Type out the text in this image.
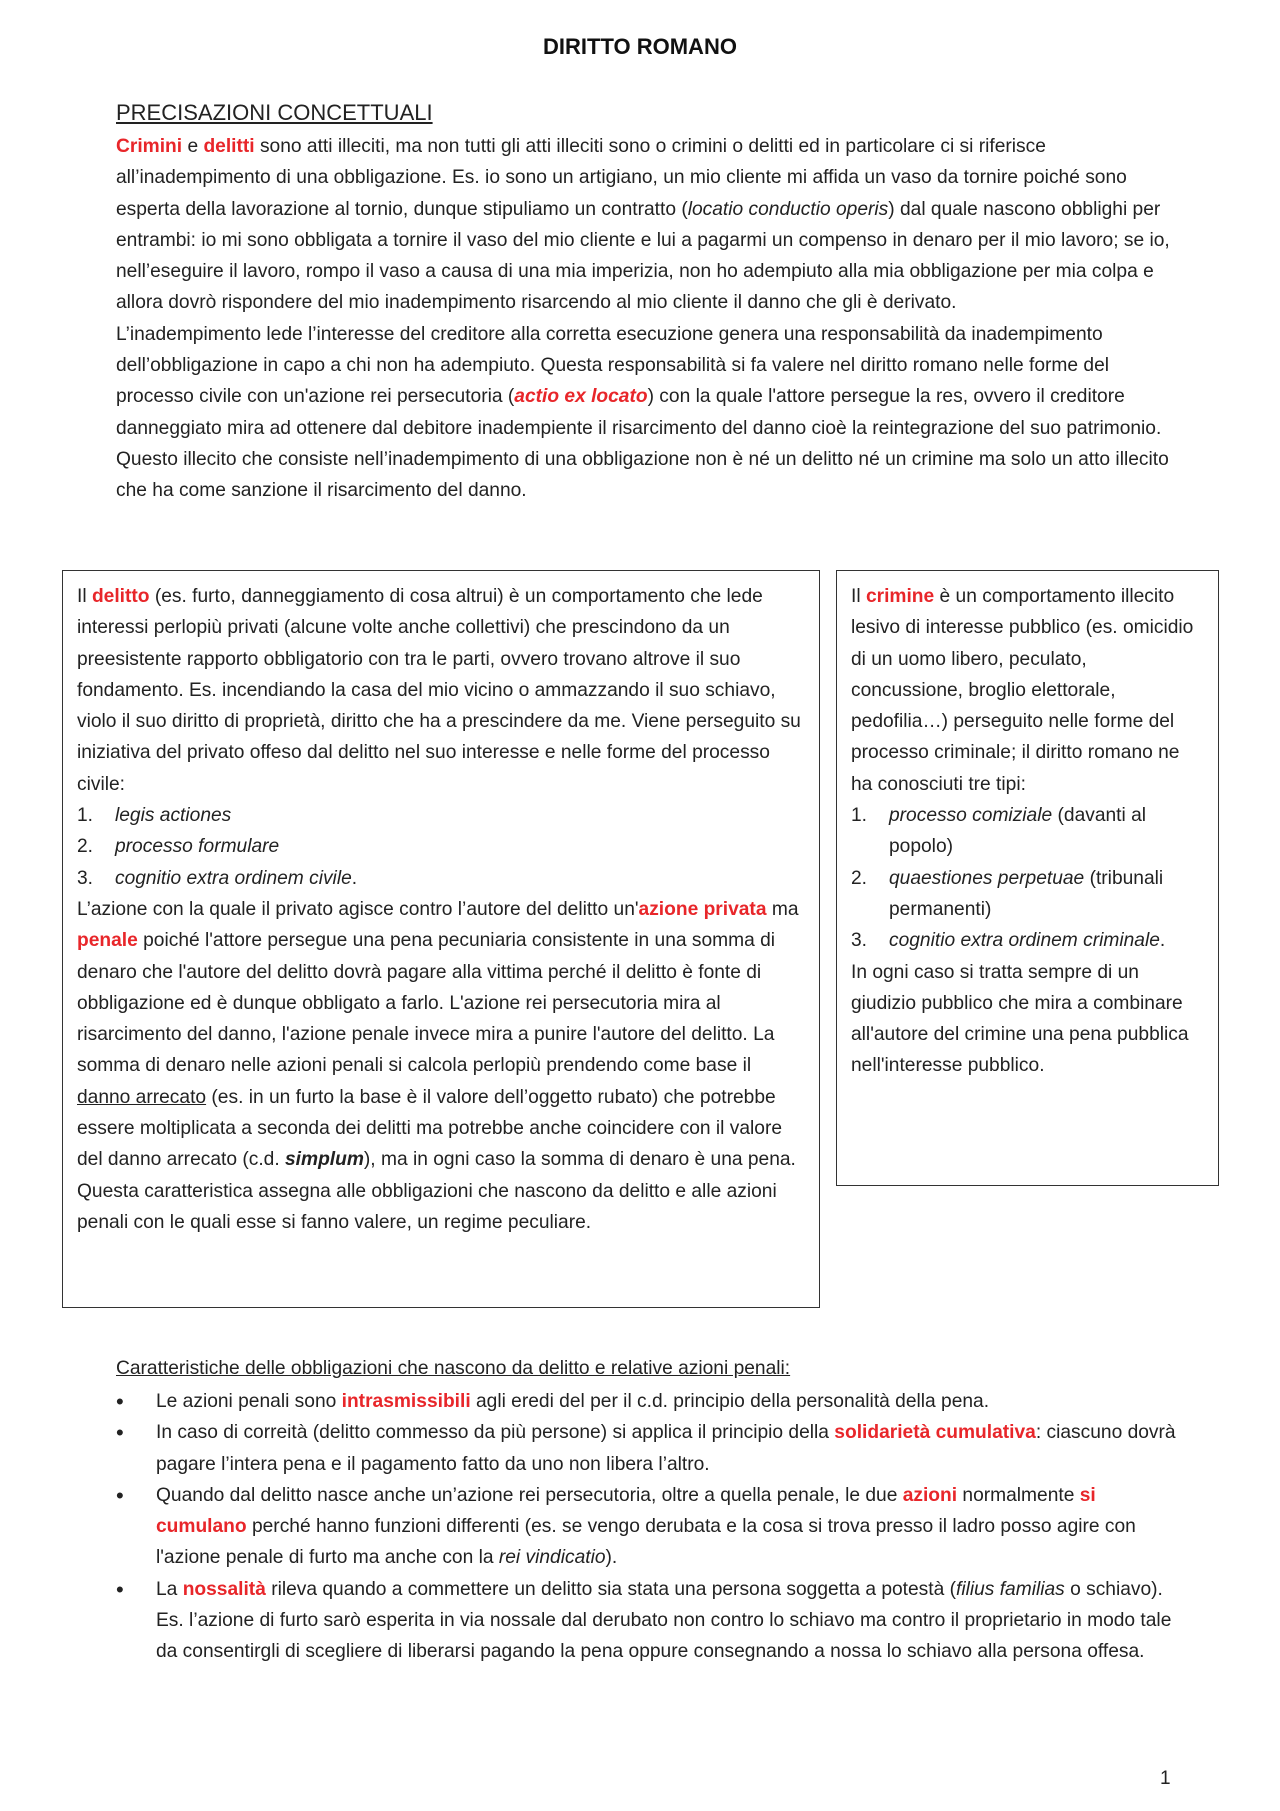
DIRITTO ROMANO
PRECISAZIONI CONCETTUALI

Crimini e delitti sono atti illeciti, ma non tutti gli atti illeciti sono o crimini o delitti ed in particolare ci si riferisce all’inadempimento di una obbligazione. Es. io sono un artigiano, un mio cliente mi affida un vaso da tornire poiché sono esperta della lavorazione al tornio, dunque stipuliamo un contratto (locatio conductio operis) dal quale nascono obblighi per entrambi: io mi sono obbligata a tornire il vaso del mio cliente e lui a pagarmi un compenso in denaro per il mio lavoro; se io, nell’eseguire il lavoro, rompo il vaso a causa di una mia imperizia, non ho adempiuto alla mia obbligazione per mia colpa e allora dovrò rispondere del mio inadempimento risarcendo al mio cliente il danno che gli è derivato.

L’inadempimento lede l’interesse del creditore alla corretta esecuzione genera una responsabilità da inadempimento dell’obbligazione in capo a chi non ha adempiuto. Questa responsabilità si fa valere nel diritto romano nelle forme del processo civile con un'azione rei persecutoria (actio ex locato) con la quale l'attore persegue la res, ovvero il creditore danneggiato mira ad ottenere dal debitore inadempiente il risarcimento del danno cioè la reintegrazione del suo patrimonio.

Questo illecito che consiste nell’inadempimento di una obbligazione non è né un delitto né un crimine ma solo un atto illecito che ha come sanzione il risarcimento del danno.

Il delitto (es. furto, danneggiamento di cosa altrui) è un comportamento che lede interessi perlopiù privati (alcune volte anche collettivi) che prescindono da un preesistente rapporto obbligatorio con tra le parti, ovvero trovano altrove il suo fondamento. Es. incendiando la casa del mio vicino o ammazzando il suo schiavo, violo il suo diritto di proprietà, diritto che ha a prescindere da me. Viene perseguito su iniziativa del privato offeso dal delitto nel suo interesse e nelle forme del processo civile:

1.	legis actiones
2.	processo formulare
3.	cognitio extra ordinem civile.

L’azione con la quale il privato agisce contro l’autore del delitto un'azione privata ma penale poiché l'attore persegue una pena pecuniaria consistente in una somma di denaro che l'autore del delitto dovrà pagare alla vittima perché il delitto è fonte di obbligazione ed è dunque obbligato a farlo. L'azione rei persecutoria mira al risarcimento del danno, l'azione penale invece mira a punire l'autore del delitto. La somma di denaro nelle azioni penali si calcola perlopiù prendendo come base il danno arrecato (es. in un furto la base è il valore dell’oggetto rubato) che potrebbe essere moltiplicata a seconda dei delitti ma potrebbe anche coincidere con il valore del danno arrecato (c.d. simplum), ma in ogni caso la somma di denaro è una pena. Questa caratteristica assegna alle obbligazioni che nascono da delitto e alle azioni penali con le quali esse si fanno valere, un regime peculiare.

Il crimine è un comportamento illecito lesivo di interesse pubblico (es. omicidio di un uomo libero, peculato, concussione, broglio elettorale, pedofilia…) perseguito nelle forme del processo criminale; il diritto romano ne ha conosciuti tre tipi:

1.	processo comiziale (davanti al popolo)
2.	quaestiones perpetuae (tribunali permanenti)
3.	cognitio extra ordinem criminale.

In ogni caso si tratta sempre di un giudizio pubblico che mira a combinare all'autore del crimine una pena pubblica nell'interesse pubblico.

Caratteristiche delle obbligazioni che nascono da delitto e relative azioni penali:
•	Le azioni penali sono intrasmissibili agli eredi del per il c.d. principio della personalità della pena.
•	In caso di correità (delitto commesso da più persone) si applica il principio della solidarietà cumulativa: ciascuno dovrà pagare l’intera pena e il pagamento fatto da uno non libera l’altro.
•	Quando dal delitto nasce anche un’azione rei persecutoria, oltre a quella penale, le due azioni normalmente si cumulano perché hanno funzioni differenti (es. se vengo derubata e la cosa si trova presso il ladro posso agire con l'azione penale di furto ma anche con la rei vindicatio).
•	La nossalità rileva quando a commettere un delitto sia stata una persona soggetta a potestà (filius familias o schiavo). Es. l’azione di furto sarò esperita in via nossale dal derubato non contro lo schiavo ma contro il proprietario in modo tale da consentirgli di scegliere di liberarsi pagando la pena oppure consegnando a nossa lo schiavo alla persona offesa.
1
